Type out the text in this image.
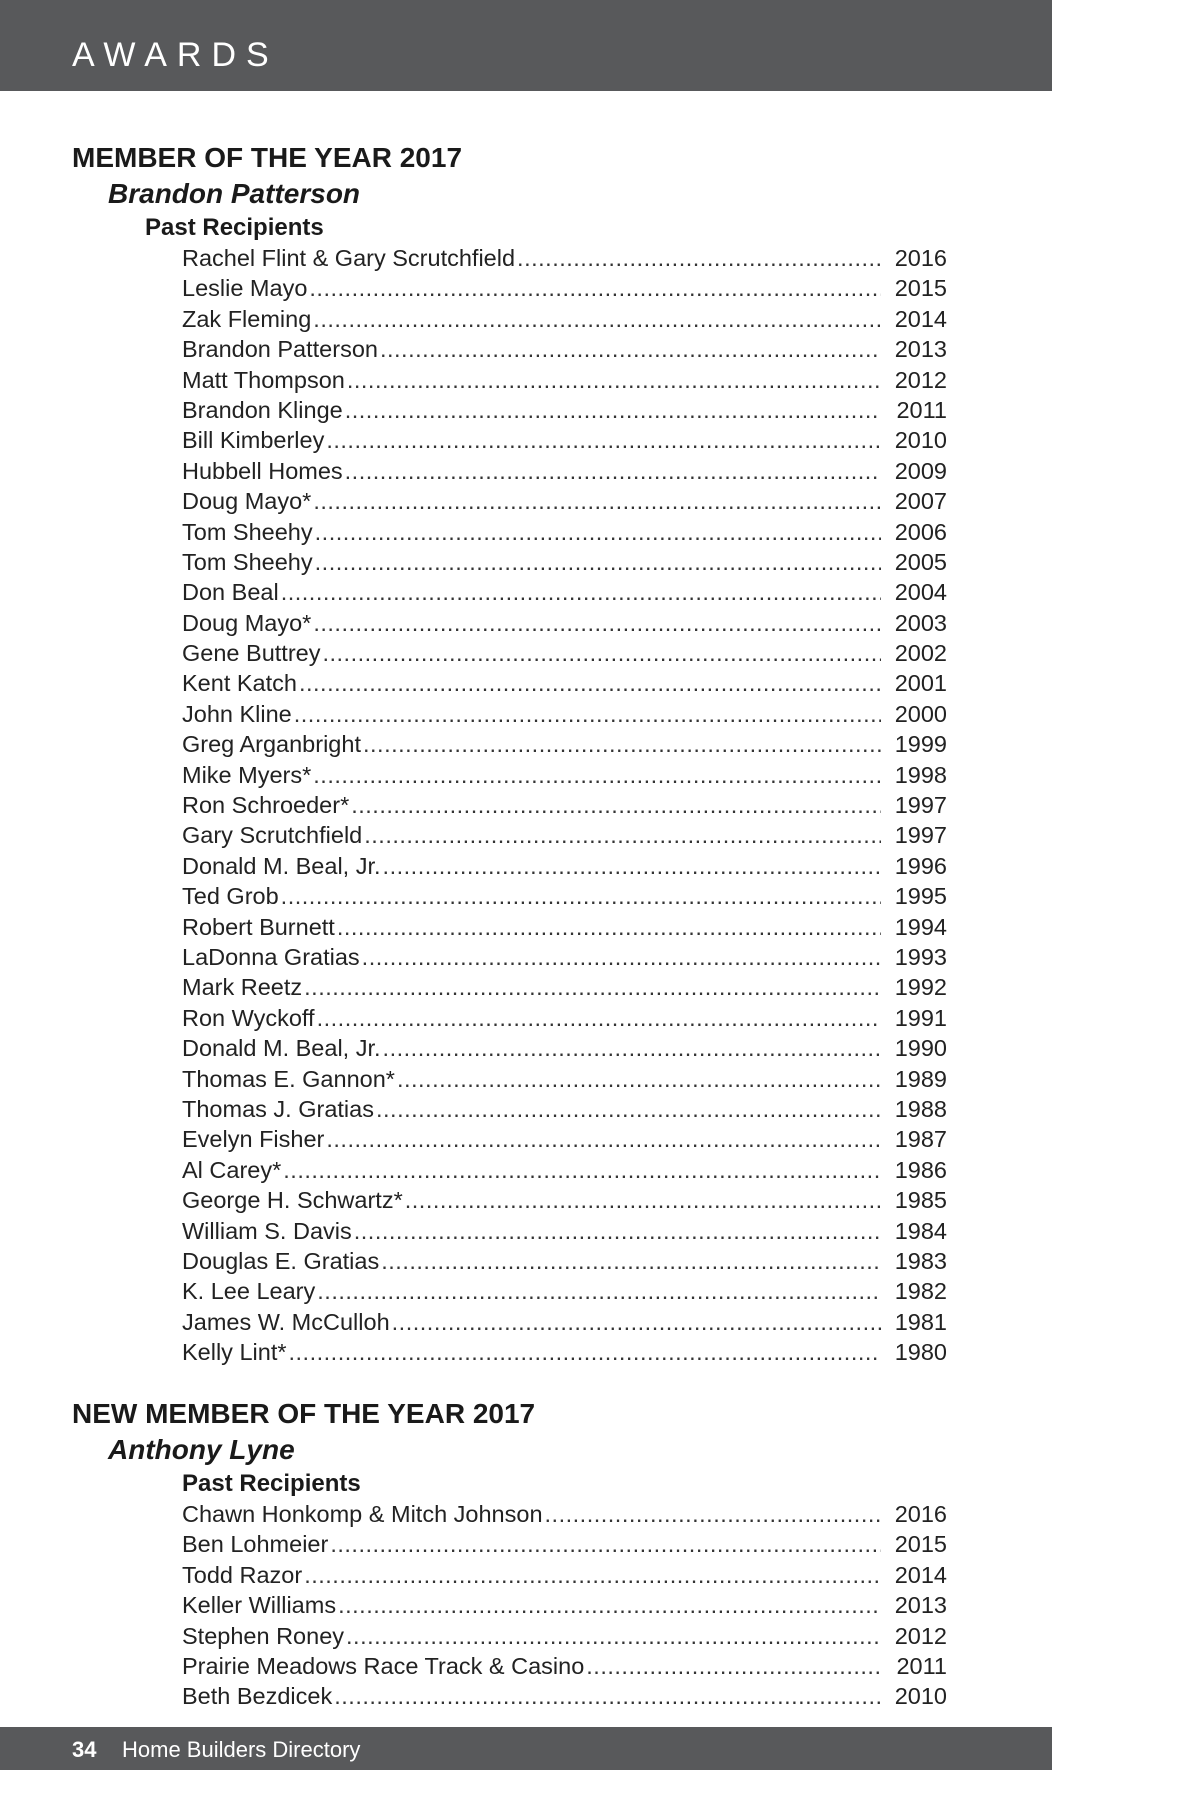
AWARDS
MEMBER OF THE YEAR 2017
Brandon Patterson
Past Recipients
Rachel Flint & Gary Scrutchfield .....	2016
Leslie Mayo .....	2015
Zak Fleming .....	2014
Brandon Patterson .....	2013
Matt Thompson .....	2012
Brandon Klinge .....	2011
Bill Kimberley .....	2010
Hubbell Homes .....	2009
Doug Mayo* .....	2007
Tom Sheehy .....	2006
Tom Sheehy .....	2005
Don Beal .....	2004
Doug Mayo* .....	2003
Gene Buttrey .....	2002
Kent Katch .....	2001
John Kline .....	2000
Greg Arganbright .....	1999
Mike Myers* .....	1998
Ron Schroeder* .....	1997
Gary Scrutchfield .....	1997
Donald M. Beal, Jr. .....	1996
Ted Grob .....	1995
Robert Burnett .....	1994
LaDonna Gratias .....	1993
Mark Reetz .....	1992
Ron Wyckoff .....	1991
Donald M. Beal, Jr. .....	1990
Thomas E. Gannon* .....	1989
Thomas J. Gratias .....	1988
Evelyn Fisher .....	1987
Al Carey* .....	1986
George H. Schwartz* .....	1985
William S. Davis .....	1984
Douglas E. Gratias .....	1983
K. Lee Leary .....	1982
James W. McCulloh .....	1981
Kelly Lint* .....	1980
NEW MEMBER OF THE YEAR 2017
Anthony Lyne
Past Recipients
Chawn Honkomp & Mitch Johnson .....	2016
Ben Lohmeier .....	2015
Todd Razor .....	2014
Keller Williams .....	2013
Stephen Roney .....	2012
Prairie Meadows Race Track & Casino .....	2011
Beth Bezdicek .....	2010
34 Home Builders Directory
